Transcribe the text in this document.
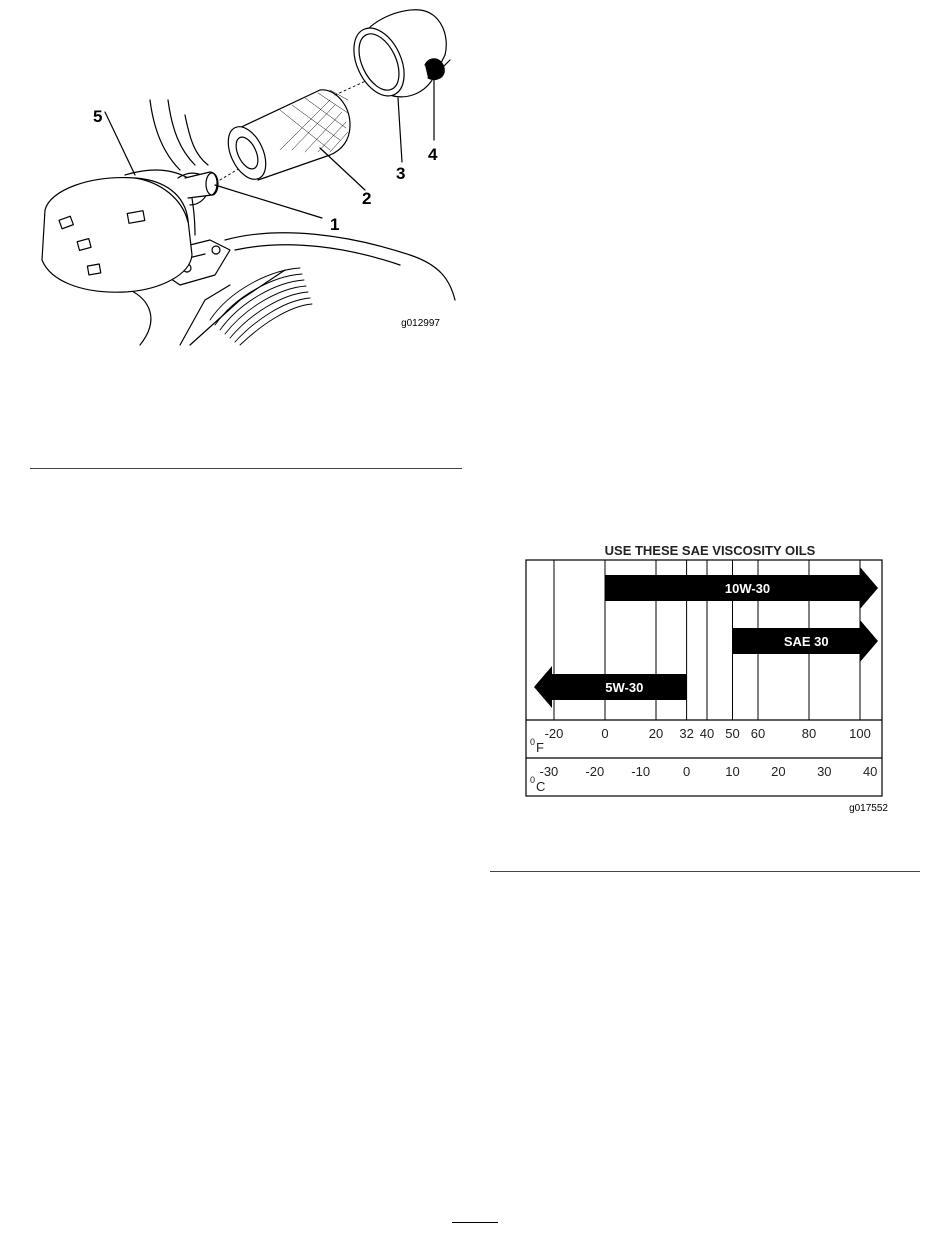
5
1
2
3
4
g012997
USE THESE SAE VISCOSITY OILS
10W-30
SAE 30
5W-30
-20	0	20 32 40 50 60	80	100
-30 -20 -10	0	10 20 30 40
0 F
0 C
g017552
